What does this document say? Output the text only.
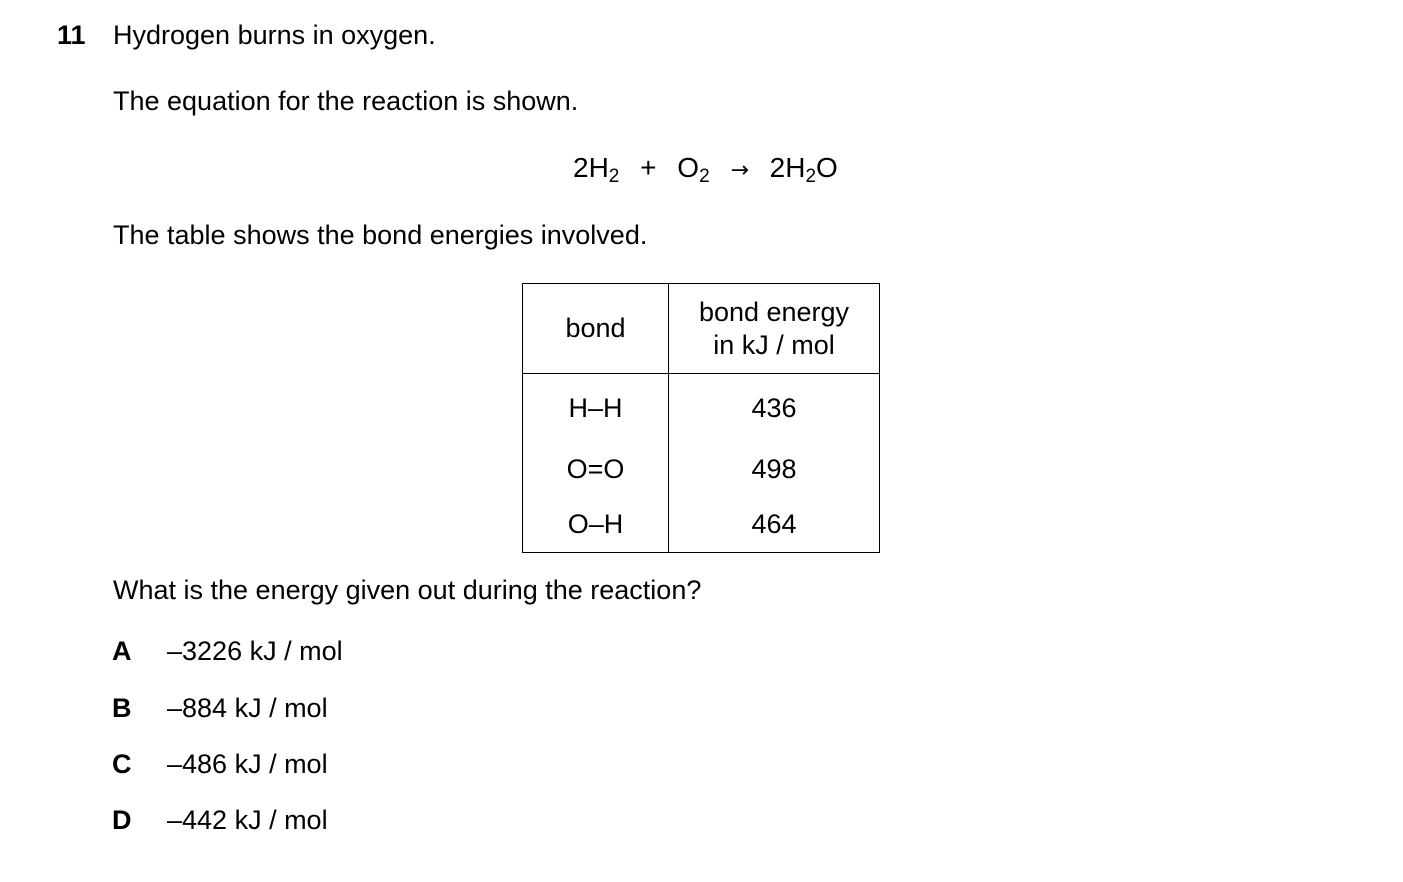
11 Hydrogen burns in oxygen.
The equation for the reaction is shown.
$2H_2 + O_2 \to 2H_2O$
The table shows the bond energies involved.
bond	bond energy
in kJ / mol
H–H	436
O=O	498
O–H	464
What is the energy given out during the reaction?
A –3226 kJ / mol
B –884 kJ / mol
C –486 kJ / mol
D –442 kJ / mol
